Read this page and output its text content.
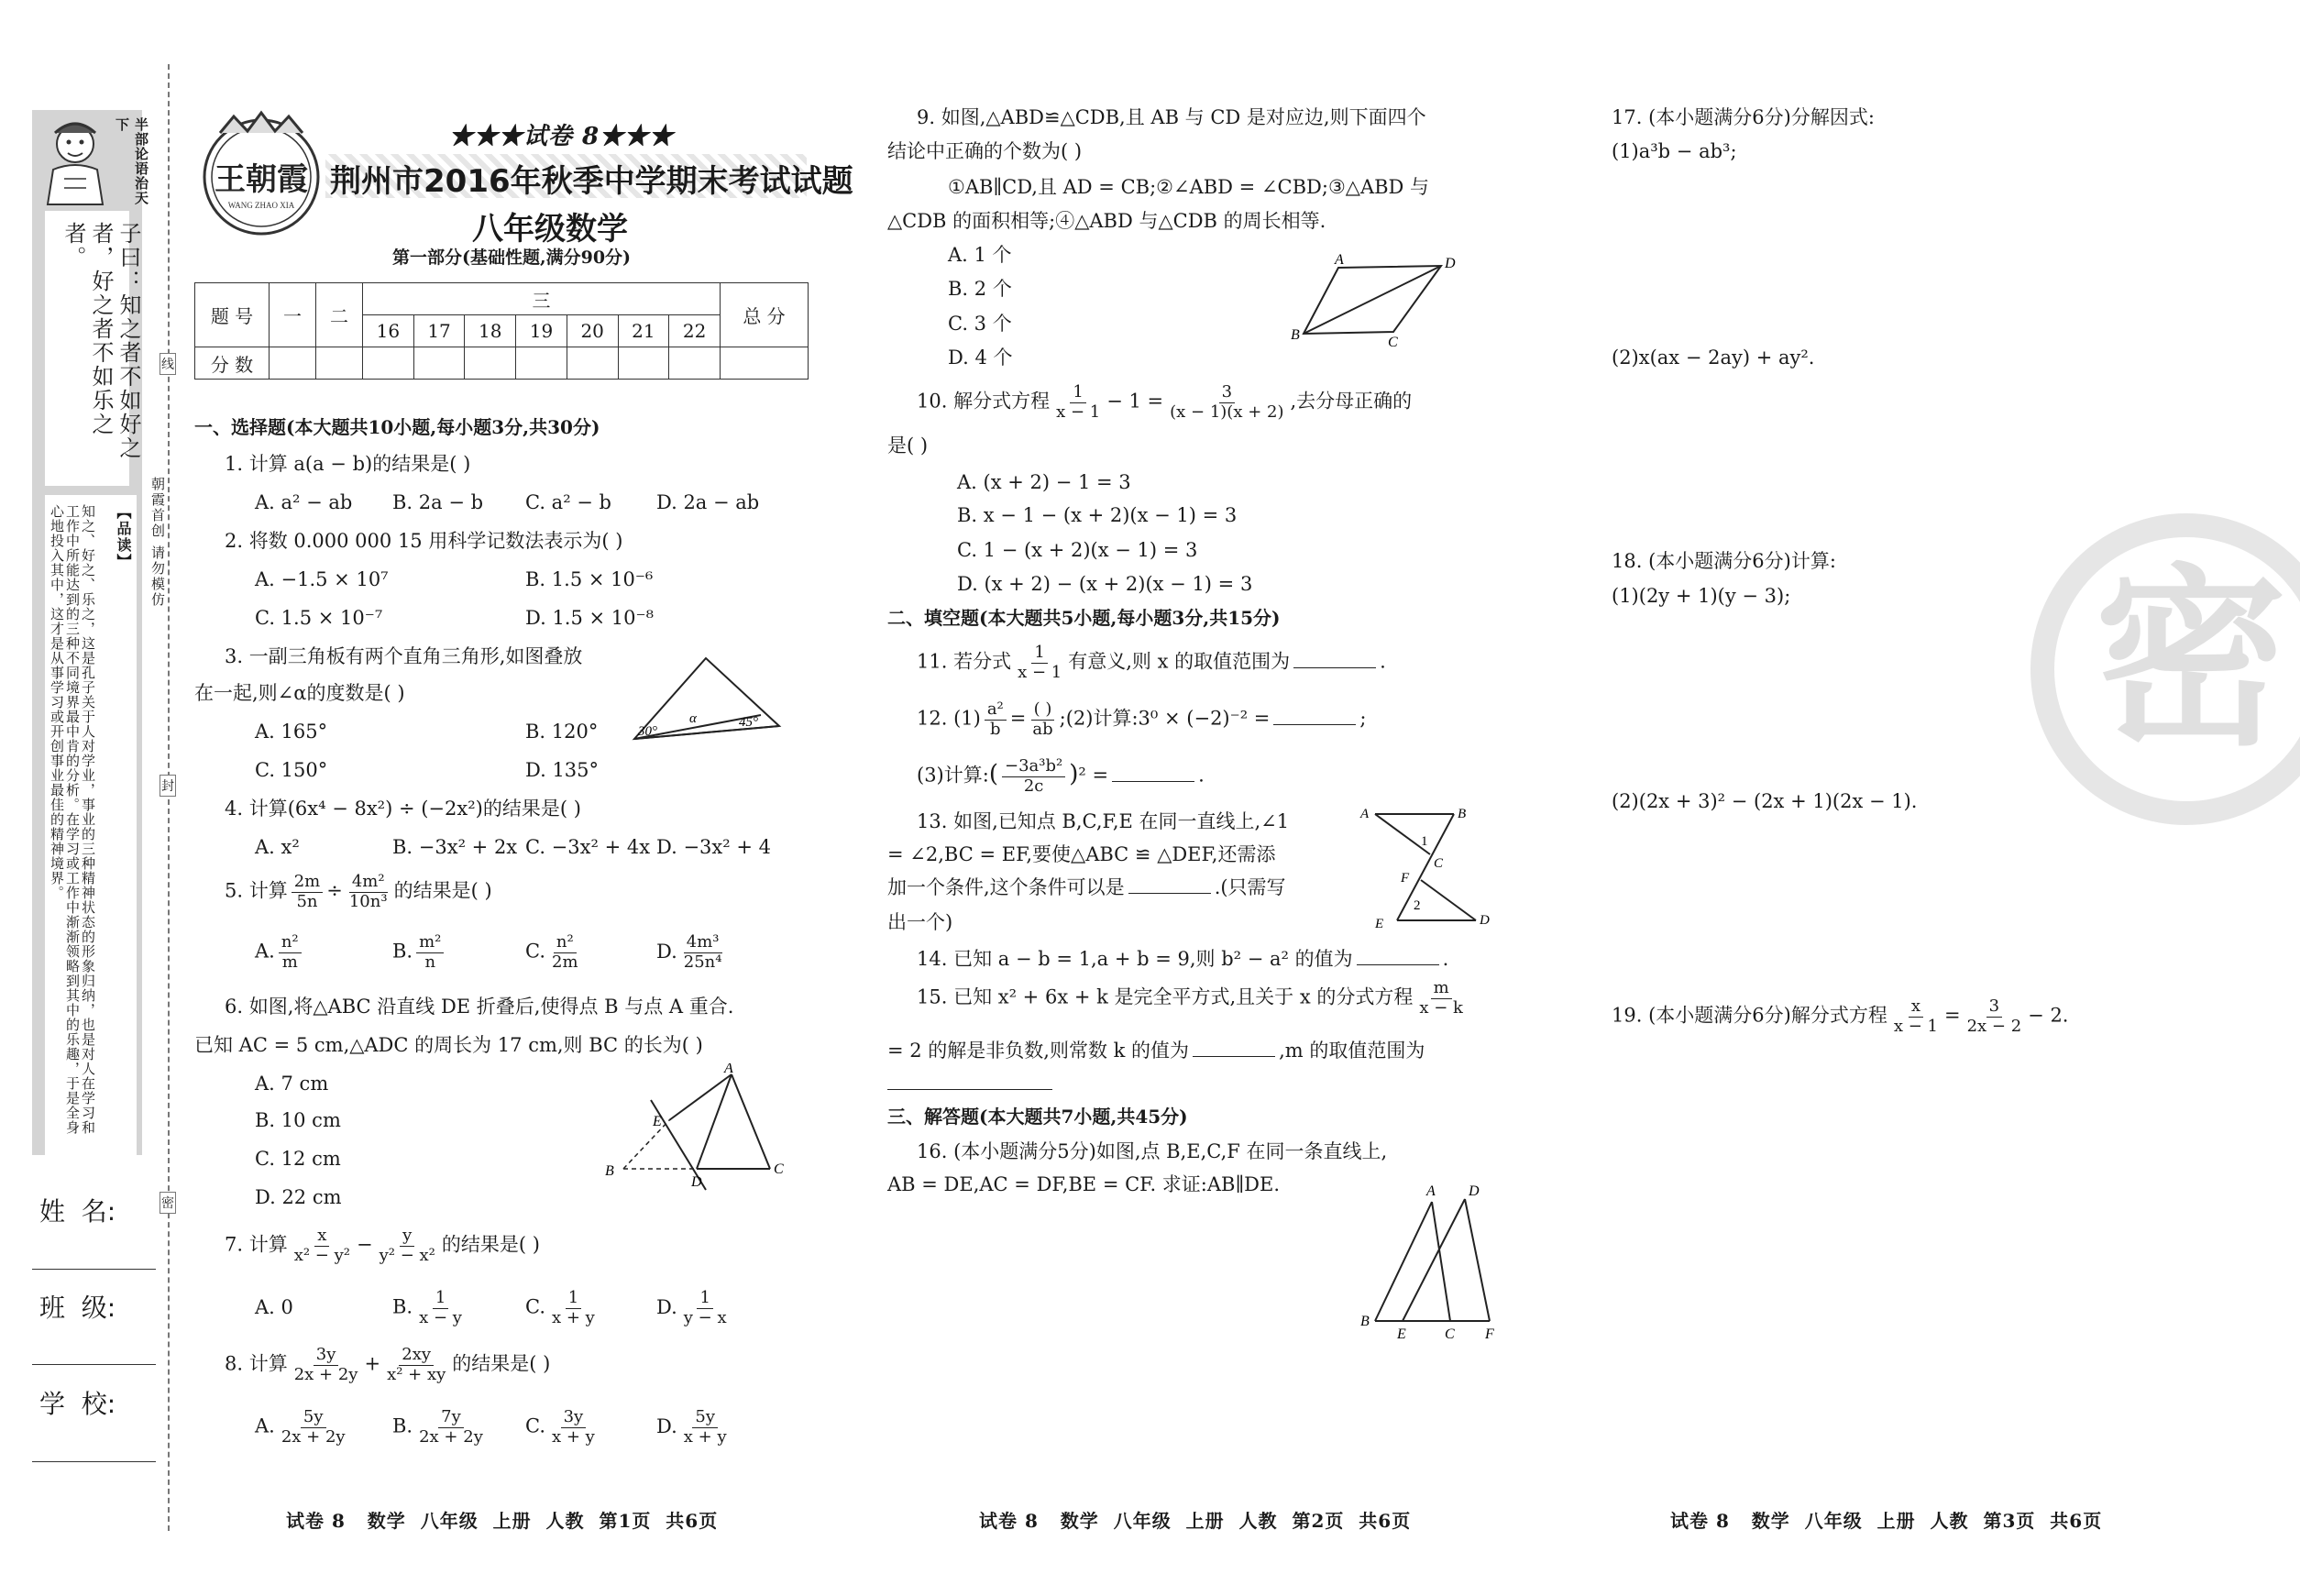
半部论语治天下
子曰：知之者不如好之者，好之者不如乐之者。
【品读】
知之、好之、乐之，这是孔子关于人对学业，事业的三种精神状态的形象归纳，也是对人在学习和工作中所能达到的三种不同境界最中肯的分析。在学习或工作中渐渐领略到其中的乐趣，于是全身心地投入其中，这才是从事学习或开创事业最佳的精神境界。
姓  名:
班  级:
学  校:
线
封
密
朝霞首创 请勿模仿
王朝霞
WANG ZHAO XIA
★★★试卷 8★★★
荆州市2016年秋季中学期末考试试题
八年级数学
第一部分(基础性题,满分90分)
题 号	一	二	三							总 分
			16	17	18	19	20	21	22	
分 数										
一、选择题(本大题共10小题,每小题3分,共30分)
1. 计算 a(a − b)的结果是( )
A. a² − ab B. 2a − b C. a² − b D. 2a − ab
2. 将数 0.000 000 15 用科学记数法表示为( )
A. −1.5 × 10⁷	B. 1.5 × 10⁻⁶
C. 1.5 × 10⁻⁷	D. 1.5 × 10⁻⁸
3. 一副三角板有两个直角三角形,如图叠放
在一起,则∠α的度数是( )
A. 165°	B. 120°
C. 150°	D. 135°
30°
α	45°
4. 计算(6x⁴ − 8x²) ÷ (−2x²)的结果是( )
A. x²	B. −3x² + 2x C. −3x² + 4x D. −3x² + 4
5. 计算 $\frac{2m}{5n} \div \frac{\text{4m²}}{\text{10n³}}$ 的结果是( )
A. $\frac{\text{n²}}{m}$	B. $\frac{\text{m²}}{n}$	C. $\frac{\text{n²}}{2m}$	D. $\frac{\text{4m³}}{\text{25n⁴}}$
6. 如图,将△ABC 沿直线 DE 折叠后,使得点 B 与点 A 重合.
已知 AC = 5 cm,△ADC 的周长为 17 cm,则 BC 的长为( )
A. 7 cm
B. 10 cm
C. 12 cm
D. 22 cm
A
E
B
D
C
7. 计算 $\frac{x}{\text{x² − y²}} - \frac{y}{\text{y² − x²}}$ 的结果是( )
A. 0	B. $\frac{1}{x - y}$	C. $\frac{1}{x + y}$	D. $\frac{1}{y - x}$
8. 计算 $\frac{3y}{2x + 2y} + \frac{2xy}{\text{x² + xy}}$ 的结果是( )
A. $\frac{5y}{2x + 2y} B$. $\frac{7y}{2x + 2y} C$. $\frac{3y}{x + y}$	D. $\frac{5y}{x + y}$
试卷 8   数学  八年级  上册  人教  第1页  共6页
9. 如图,△ABD≌△CDB,且 AB 与 CD 是对应边,则下面四个
结论中正确的个数为( )
①AB∥CD,且 AD = CB;②∠ABD = ∠CBD;③△ABD 与
△CDB 的面积相等;④△ABD 与△CDB 的周长相等.
A. 1 个
B. 2 个
C. 3 个
D. 4 个
A	D
B	C
10. 解分式方程 $\frac{1}{x - 1} - 1 = \frac{3}{(x - 1)(x + 2)}$ ,去分母正确的
是( )
A. (x + 2) − 1 = 3
B. x − 1 − (x + 2)(x − 1) = 3
C. 1 − (x + 2)(x − 1) = 3
D. (x + 2) − (x + 2)(x − 1) = 3
二、填空题(本大题共5小题,每小题3分,共15分)
11. 若分式 $\frac{1}{x - 1}$ 有意义,则 x 的取值范围为	.
12. $(1) \frac{\text{a²}}{b} = \frac{( )}{ab}$ ;(2)计算:3⁰ × (−2)⁻² =	;
(3)计算:( $\frac{\text{−3a³b²}}{2c} )^2$ =	.
13. 如图,已知点 B,C,F,E 在同一直线上,∠1
= ∠2,BC = EF,要使△ABC ≌ △DEF,还需添
加一个条件,这个条件可以是	.(只需写
出一个)
A	B
1
C
F
2
E	D
14. 已知 a − b = 1,a + b = 9,则 b² − a² 的值为	.
15. 已知 x² + 6x + k 是完全平方式,且关于 x 的分式方程 $\frac{m}{x - k}$
= 2 的解是非负数,则常数 k 的值为	,m 的取值范围为
三、解答题(本大题共7小题,共45分)
16. (本小题满分5分)如图,点 B,E,C,F 在同一条直线上,
AB = DE,AC = DF,BE = CF. 求证:AB∥DE.	A D
B
E	C F
试卷 8   数学  八年级  上册  人教  第2页  共6页
17. (本小题满分6分)分解因式:
(1)a³b − ab³;
(2)x(ax − 2ay) + ay².
18. (本小题满分6分)计算:
(1)(2y + 1)(y − 3);
(2)(2x + 3)² − (2x + 1)(2x − 1).
19. (本小题满分6分)解分式方程 $\frac{x}{x - 1} = \frac{3}{2x - 2} - 2$.
密
试卷 8   数学  八年级  上册  人教  第3页  共6页
